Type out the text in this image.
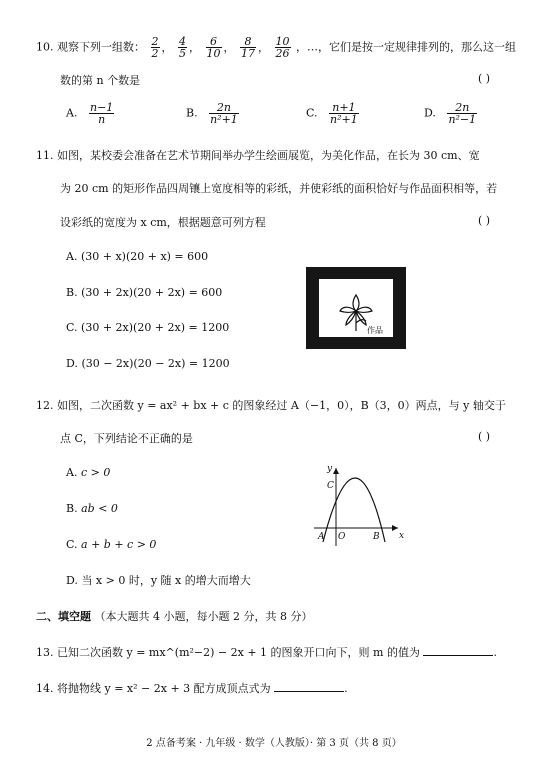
10. 观察下列一组数： $\frac{2}{2}$ ， $\frac{4}{5}$ ， $\frac{6}{10}$ ， $\frac{8}{17}$ ， $\frac{10}{26}$ ，…，它们是按一定规律排列的，那么这一组
数的第 n 个数是	( )
A. $\frac{n-1}{n}$	B. $\frac{2n}{\text{n²+1}}$	C. $\frac{n+1}{\text{n²+1}}$	D. $\frac{2n}{\text{n²−1}}$
11. 如图，某校委会准备在艺术节期间举办学生绘画展览，为美化作品，在长为 30 cm、宽
为 20 cm 的矩形作品四周镶上宽度相等的彩纸，并使彩纸的面积恰好与作品面积相等，若
设彩纸的宽度为 x cm，根据题意可列方程	( )
A. (30 + x)(20 + x) = 600
B. (30 + 2x)(20 + 2x) = 600
C. (30 + 2x)(20 + 2x) = 1200
D. (30 − 2x)(20 − 2x) = 1200
作品
12. 如图，二次函数 y = ax² + bx + c 的图象经过 A（−1，0），B（3，0）两点，与 y 轴交于
点 C，下列结论不正确的是	( )
A. c > 0
B. ab < 0
C. a + b + c > 0
D. 当 x > 0 时，y 随 x 的增大而增大
y
x
C
A O	B
二、填空题 （本大题共 4 小题，每小题 2 分，共 8 分）
13. 已知二次函数 y = mx^(m²−2) − 2x + 1 的图象开口向下，则 m 的值为	.
14. 将抛物线 y = x² − 2x + 3 配方成顶点式为	.
2 点备考案 · 九年级 · 数学（人教版）· 第 3 页（共 8 页）
